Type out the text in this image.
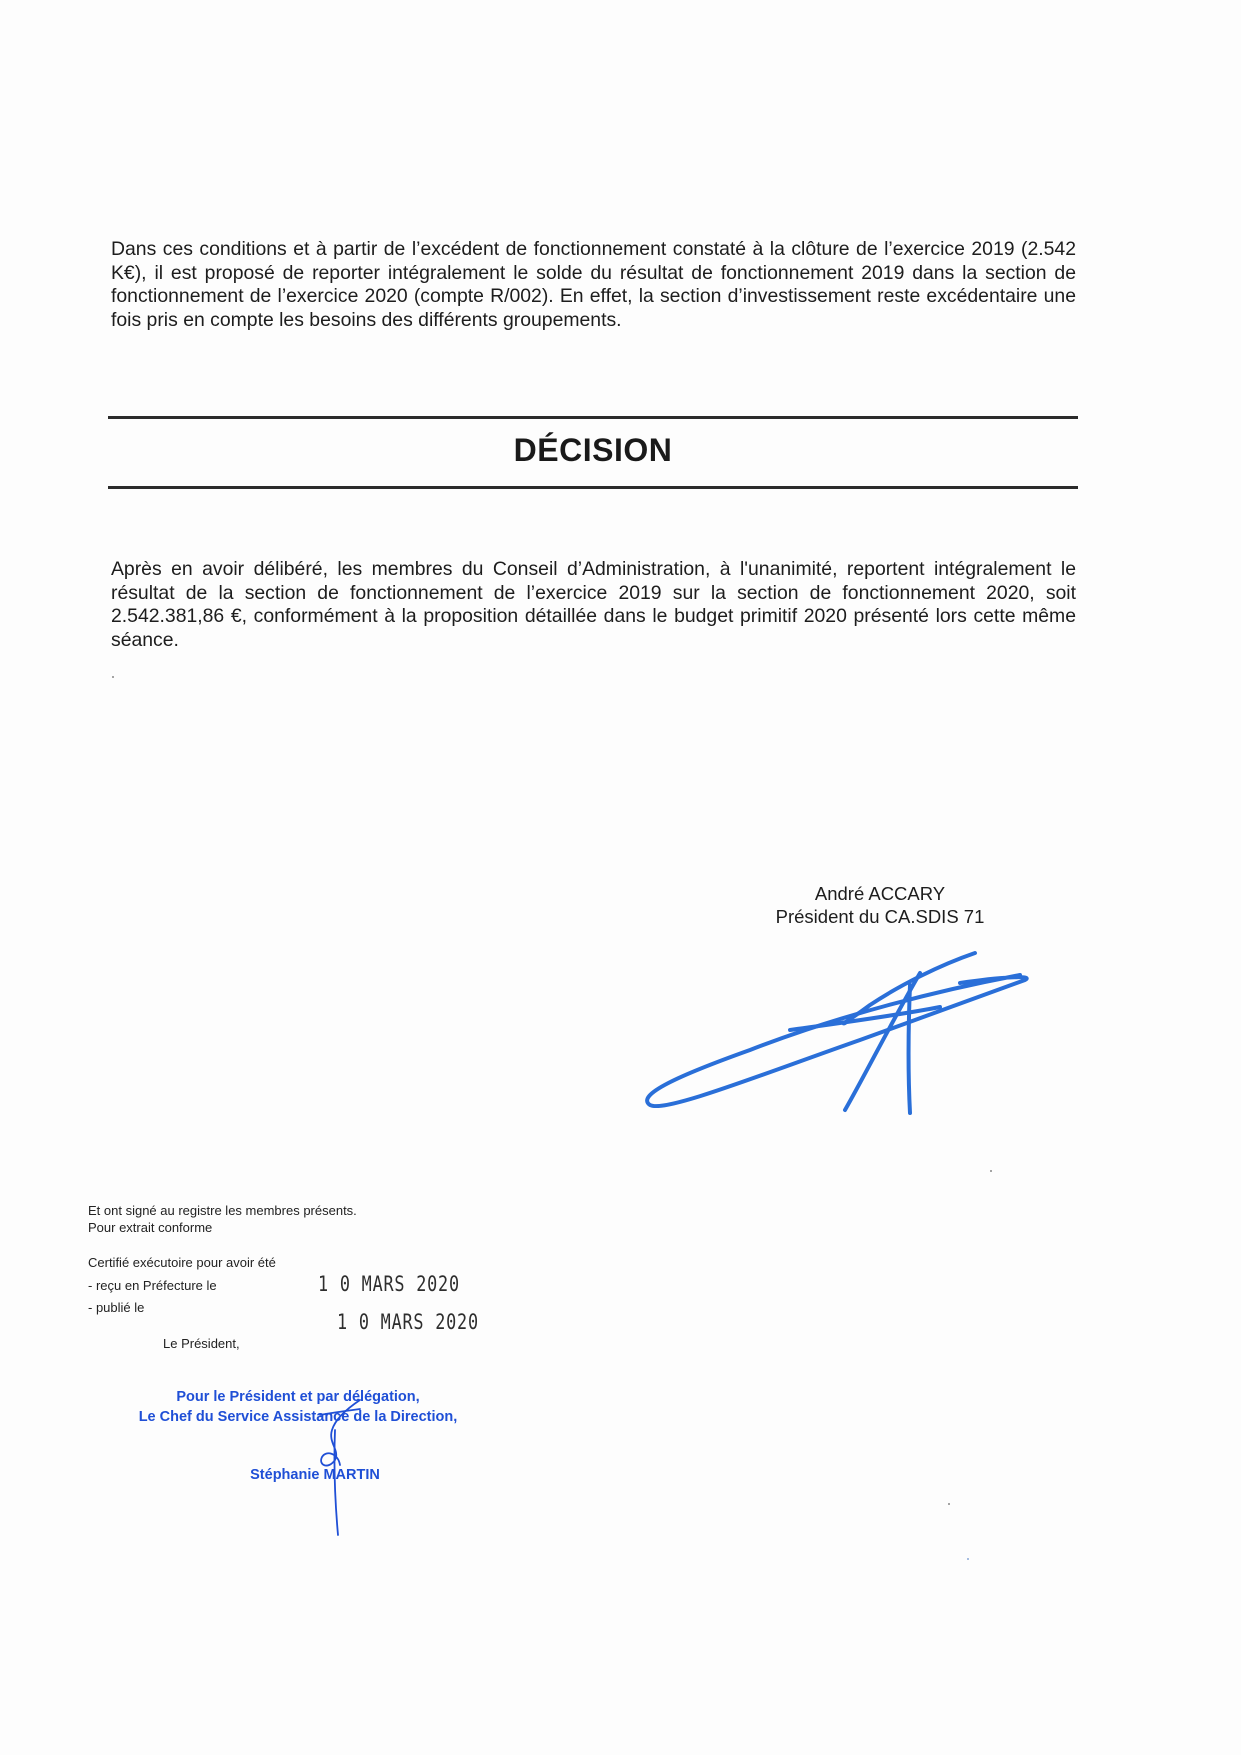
Dans ces conditions et à partir de l’excédent de fonctionnement constaté à la clôture de l’exercice 2019 (2.542 K€), il est proposé de reporter intégralement le solde du résultat de fonctionnement 2019 dans la section de fonctionnement de l’exercice 2020 (compte R/002). En effet, la section d’investissement reste excédentaire une fois pris en compte les besoins des différents groupements.

DÉCISION

Après en avoir délibéré, les membres du Conseil d’Administration, à l'unanimité, reportent intégralement le résultat de la section de fonctionnement de l’exercice 2019 sur la section de fonctionnement 2020, soit 2.542.381,86 €, conformément à la proposition détaillée dans le budget primitif 2020 présenté lors cette même séance.

André ACCARY
Président du CA.SDIS 71
Et ont signé au registre les membres présents.
Pour extrait conforme
Certifié exécutoire pour avoir été
- reçu en Préfecture le
- publié le
Le Président,
1 0 MARS 2020
1 0 MARS 2020
Pour le Président et par délégation,
Le Chef du Service Assistance de la Direction,
Stéphanie MARTIN
